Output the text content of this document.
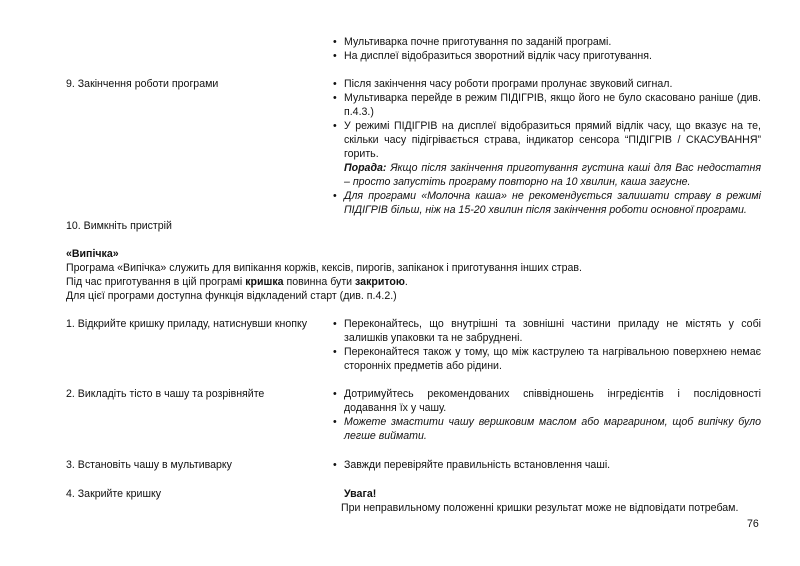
• Мультиварка почне приготування по заданій програмі.
• На дисплеї відобразиться зворотний відлік часу приготування.
9. Закінчення роботи програми	• Після закінчення часу роботи програми пролунає звуковий сигнал.
• Мультиварка перейде в режим ПІДІГРІВ, якщо його не було скасовано раніше (див. п.4.3.)
• У режимі ПІДІГРІВ на дисплеї відобразиться прямий відлік часу, що вказує на те, скільки часу підігрівається страва, індикатор сенсора “ПІДІГРІВ / СКАСУВАННЯ” горить.
Порада: Якщо після закінчення приготування густина каші для Вас недостатня – просто запустіть програму повторно на 10 хвилин, каша загусне.
• Для програми «Молочна каша» не рекомендується залишати страву в режимі ПІДІГРІВ більш, ніж на 15-20 хвилин після закінчення роботи основної програми.
10. Вимкніть пристрій
«Випічка»
Програма «Випічка» служить для випікання коржів, кексів, пирогів, запіканок і приготування інших страв.
Під час приготування в цій програмі кришка повинна бути закритою.
Для цієї програми доступна функція відкладений старт (див. п.4.2.)
1. Відкрийте кришку приладу, натиснувши кнопку • Переконайтесь, що внутрішні та зовнішні частини приладу не містять у собі залишків упаковки та не забруднені.
• Переконайтеся також у тому, що між каструлею та нагрівальною поверхнею немає сторонніх предметів або рідини.
2. Викладіть тісто в чашу та розрівняйте	• Дотримуйтесь рекомендованих співвідношень інгредієнтів і послідовності додавання їх у чашу.
• Можете змастити чашу вершковим маслом або маргарином, щоб випічку було легше виймати.
3. Встановіть чашу в мультиварку	• Завжди перевіряйте правильність встановлення чаші.
4. Закрийте кришку	Увага!
При неправильному положенні кришки результат може не відповідати потребам.
76
